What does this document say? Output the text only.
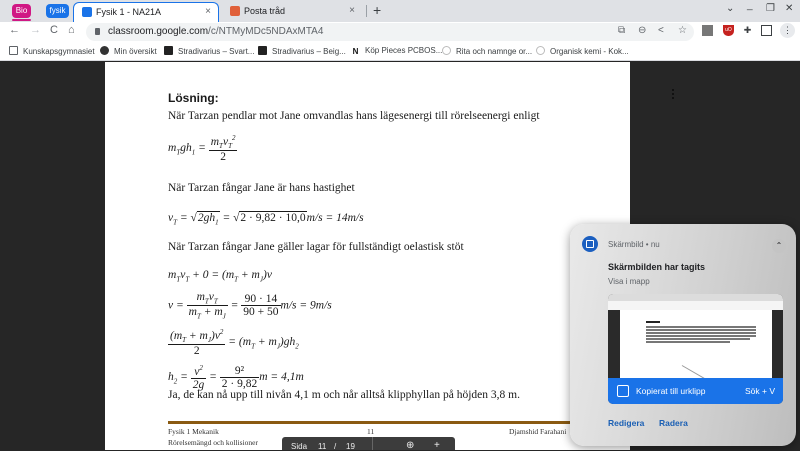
Bio	fysik	Fysik 1 - NA21A	×	Posta tråd	× +	⌄ _ ❐ ✕
← → C ⌂	classroom.google.com/c/NTMyMDc5NDAxMTA4	⧉ ⊖ < ☆	uO ✚	⋮
Kunskapsgymnasiet	Min översikt	Stradivarius – Svart...	Stradivarius – Beig... N Köp Pieces PCBOS...	Rita och namnge or...	Organisk kemi - Kok...
Lösning:
När Tarzan pendlar mot Jane omvandlas hans lägesenergi till rörelseenergi enligt
$m_Tgh_1 = \frac{m_Tv_T^2}{2}$
När Tarzan fångar Jane är hans hastighet
$v_T = √2gh_1 = √2 \cdot 9,82 \cdot 10,0m/s = 14m/s$
När Tarzan fångar Jane gäller lagar för fullständigt oelastisk stöt
$m_Tv_T + 0 = (m_T + m_J)v$
$v = \frac{m_Tv_T}{m_T + m_J} = \frac{90 \cdot 14}{90 + 50} m/s = 9m/s$
$\frac{(m_T + m_J)v^2}{2} = (m_T + m_J)gh_2$
$h_2 = \frac{v^2}{2g} = \frac{\text{9²}}{2 \cdot 9,82}$ m = 4,1m
Ja, de kan nå upp till nivån 4,1 m och når alltså klipphyllan på höjden 3,8 m.
Fysik 1 Mekanik
Rörelsemängd och kollisioner
11	Djamshid Farahani
Sida 11 / 19	⊕ +
Skärmbild • nu	⌃
Skärmbilden har tagits
Visa i mapp
Kopierat till urklipp	Sök + V
Redigera Radera
